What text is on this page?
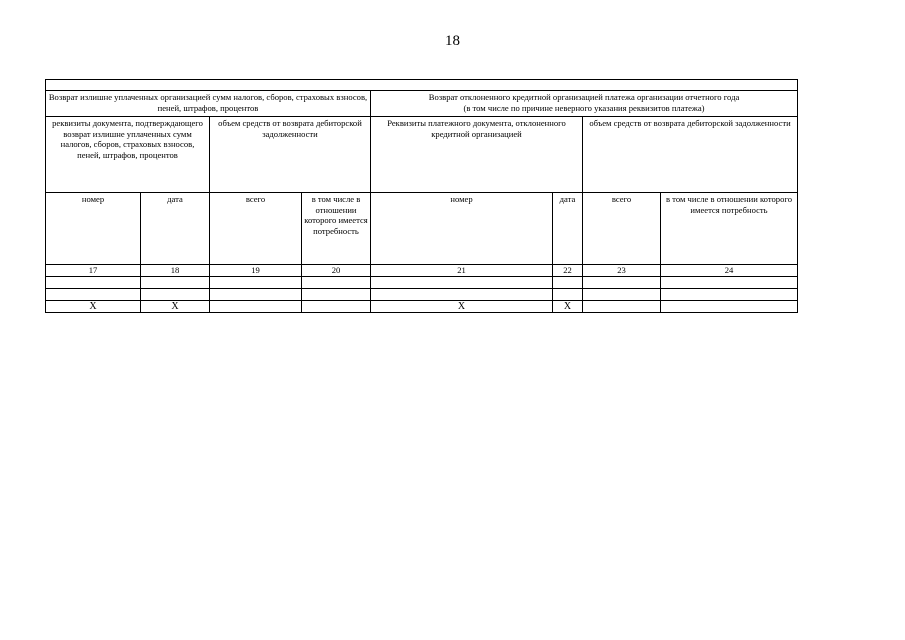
18

Возврат излишне уплаченных организацией сумм налогов, сборов, страховых взносов, пеней, штрафов, процентов				Возврат отклоненного кредитной организацией платежа организации отчетного года
(в том числе по причине неверного указания реквизитов платежа)			

реквизиты документа, подтверждающего возврат излишне уплаченных сумм налогов, сборов, страховых взносов, пеней, штрафов, процентов		объем средств от возврата дебиторской задолженности		Реквизиты платежного документа, отклоненного кредитной организацией		объем средств от возврата дебиторской задолженности	
номер	дата	всего	в том числе в отношении которого имеется потребность	номер	дата	всего	в том числе в отношении которого имеется потребность
17	18	19	20	21	22	23	24

X	X			X	X		
